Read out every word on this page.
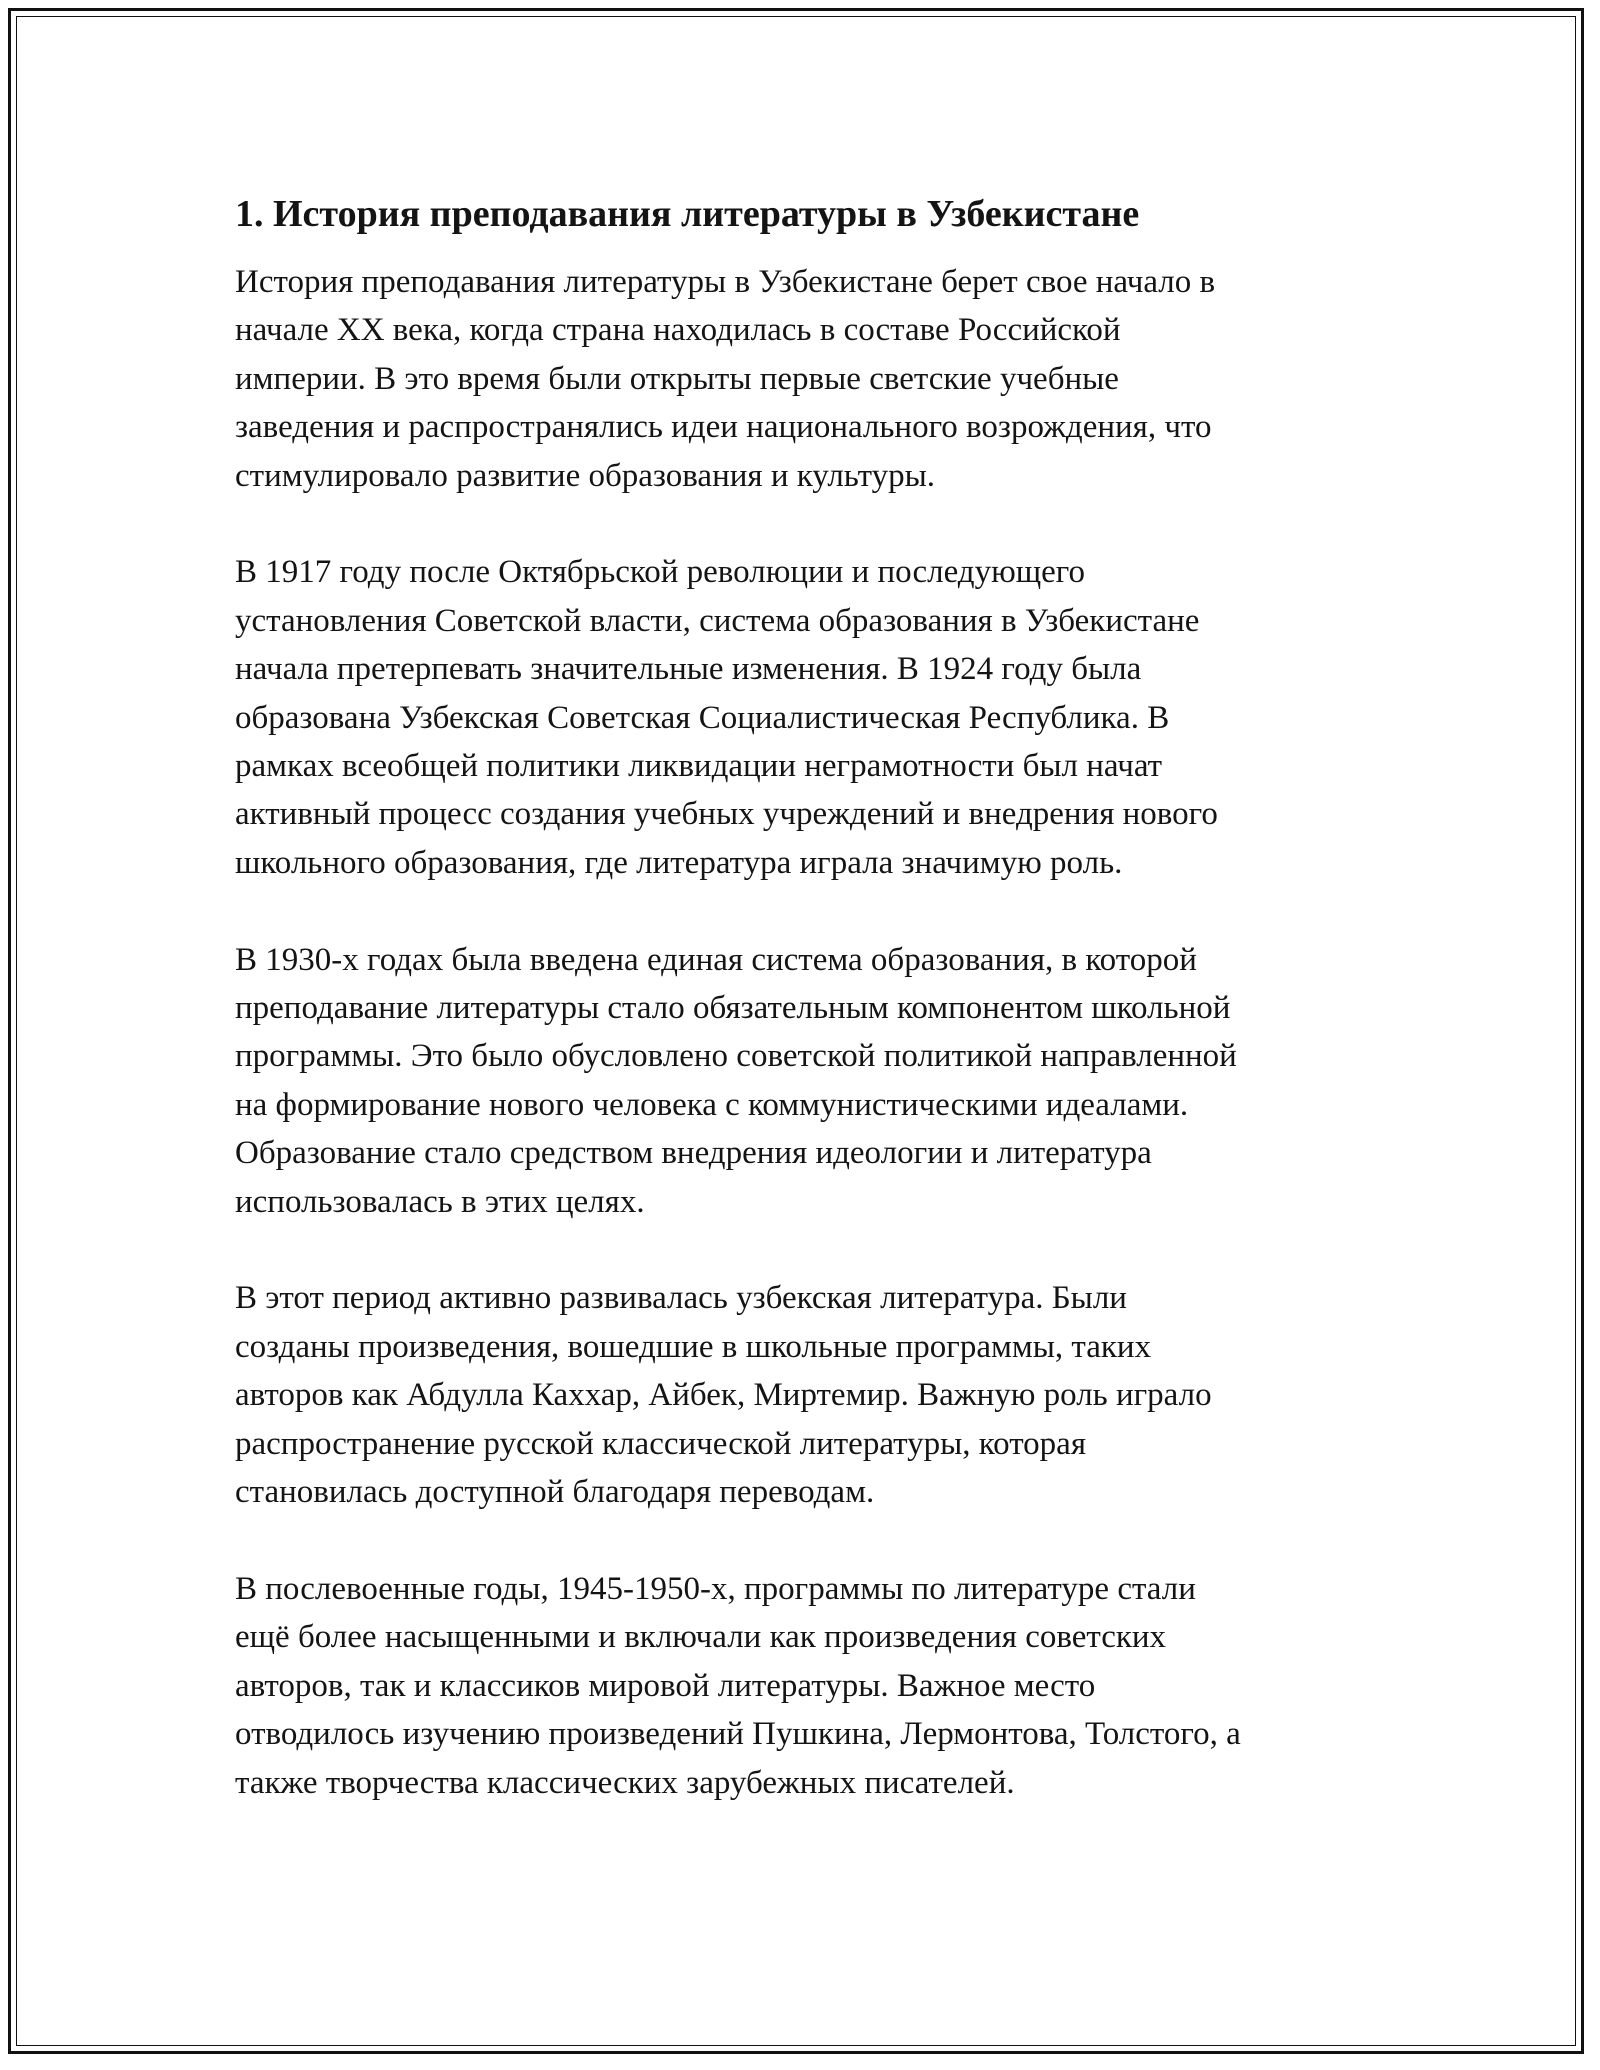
1. История преподавания литературы в Узбекистане

История преподавания литературы в Узбекистане берет свое начало в
начале XX века, когда страна находилась в составе Российской
империи. В это время были открыты первые светские учебные
заведения и распространялись идеи национального возрождения, что
стимулировало развитие образования и культуры.

В 1917 году после Октябрьской революции и последующего
установления Советской власти, система образования в Узбекистане
начала претерпевать значительные изменения. В 1924 году была
образована Узбекская Советская Социалистическая Республика. В
рамках всеобщей политики ликвидации неграмотности был начат
активный процесс создания учебных учреждений и внедрения нового
школьного образования, где литература играла значимую роль.

В 1930-х годах была введена единая система образования, в которой
преподавание литературы стало обязательным компонентом школьной
программы. Это было обусловлено советской политикой направленной
на формирование нового человека с коммунистическими идеалами.
Образование стало средством внедрения идеологии и литература
использовалась в этих целях.

В этот период активно развивалась узбекская литература. Были
созданы произведения, вошедшие в школьные программы, таких
авторов как Абдулла Каххар, Айбек, Миртемир. Важную роль играло
распространение русской классической литературы, которая
становилась доступной благодаря переводам.

В послевоенные годы, 1945-1950-х, программы по литературе стали
ещё более насыщенными и включали как произведения советских
авторов, так и классиков мировой литературы. Важное место
отводилось изучению произведений Пушкина, Лермонтова, Толстого, а
также творчества классических зарубежных писателей.
